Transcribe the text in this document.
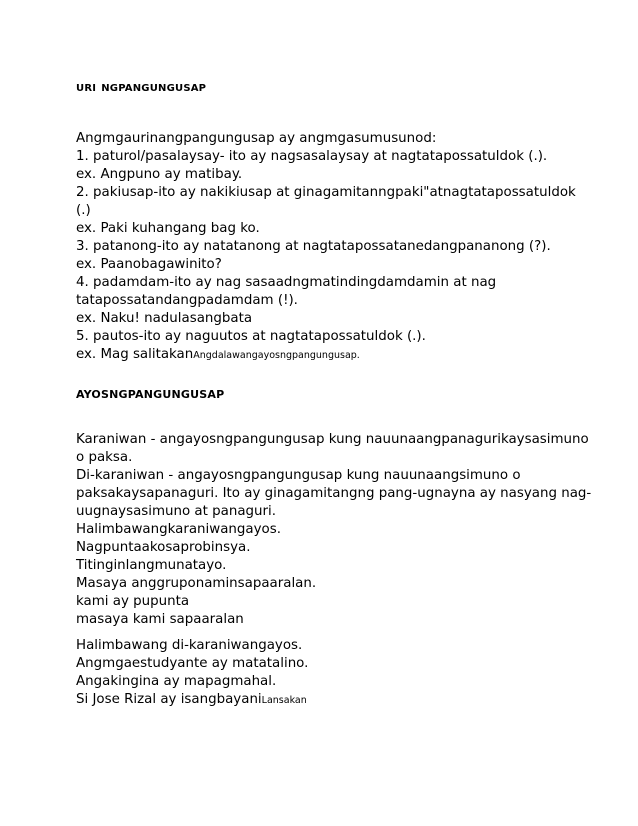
uri ngpangungusap
Angmgaurinangpangungusap ay angmgasumusunod:
1. paturol/pasalaysay- ito ay nagsasalaysay at nagtatapossatuldok (.).
ex. Angpuno ay matibay.
2. pakiusap-ito ay nakikiusap at ginagamitanngpaki"atnagtatapossatuldok
(.)
ex. Paki kuhangang bag ko.
3. patanong-ito ay natatanong at nagtatapossatanedangpananong (?).
ex. Paanobagawinito?
4. padamdam-ito ay nag sasaadngmatindingdamdamin at nag
tatapossatandangpadamdam (!).
ex. Naku! nadulasangbata
5. pautos-ito ay naguutos at nagtatapossatuldok (.).
ex. Mag salitakanAngdalawangayosngpangungusap.
ayosngpangungusap
Karaniwan - angayosngpangungusap kung nauunaangpanagurikaysasimuno
o paksa.
Di-karaniwan - angayosngpangungusap kung nauunaangsimuno o
paksakaysapanaguri. Ito ay ginagamitangng pang-ugnayna ay nasyang nag-
uugnaysasimuno at panaguri.
Halimbawangkaraniwangayos.
Nagpuntaakosaprobinsya.
Titinginlangmunatayo.
Masaya anggruponaminsapaaralan.
kami ay pupunta
masaya kami sapaaralan
Halimbawang di-karaniwangayos.
Angmgaestudyante ay matatalino.
Angakingina ay mapagmahal.
Si Jose Rizal ay isangbayaniLansakan
